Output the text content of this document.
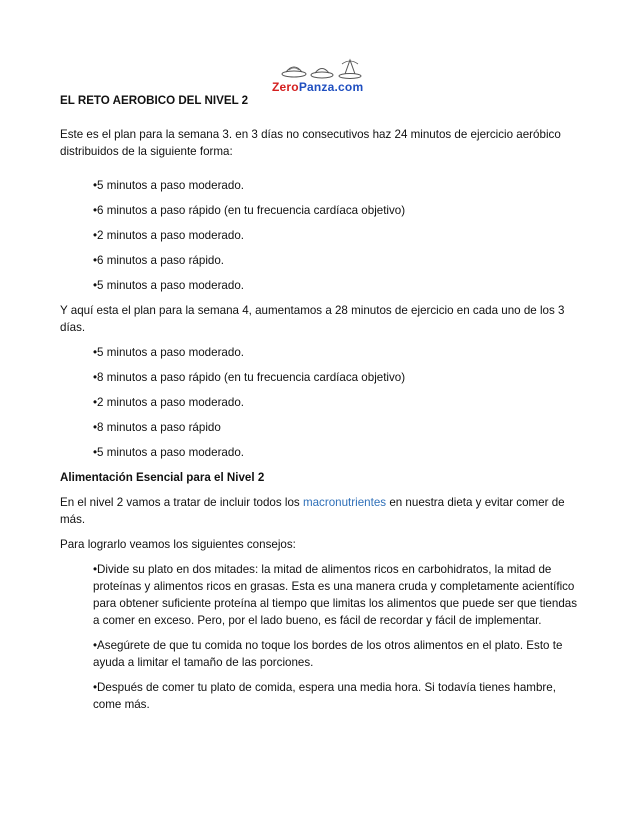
ZeroPanza.com

EL RETO AEROBICO DEL NIVEL 2

Este es el plan para la semana 3. en 3 días no consecutivos haz 24 minutos de ejercicio aeróbico distribuidos de la siguiente forma:

•5 minutos a paso moderado.

•6 minutos a paso rápido (en tu frecuencia cardíaca objetivo)

•2 minutos a paso moderado.

•6 minutos a paso rápido.

•5 minutos a paso moderado.

Y aquí esta el plan para la semana 4, aumentamos a 28 minutos de ejercicio en cada uno de los 3 días.

•5 minutos a paso moderado.

•8 minutos a paso rápido (en tu frecuencia cardíaca objetivo)

•2 minutos a paso moderado.

•8 minutos a paso rápido

•5 minutos a paso moderado.

Alimentación Esencial para el Nivel 2

En el nivel 2 vamos a tratar de incluir todos los macronutrientes en nuestra dieta y evitar comer de más.

Para lograrlo veamos los siguientes consejos:

•Divide su plato en dos mitades: la mitad de alimentos ricos en carbohidratos, la mitad de proteínas y alimentos ricos en grasas. Esta es una manera cruda y completamente acientífico para obtener suficiente proteína al tiempo que limitas los alimentos que puede ser que tiendas a comer en exceso. Pero, por el lado bueno, es fácil de recordar y fácil de implementar.

•Asegúrete de que tu comida no toque los bordes de los otros alimentos en el plato. Esto te ayuda a limitar el tamaño de las porciones.

•Después de comer tu plato de comida, espera una media hora. Si todavía tienes hambre, come más.
